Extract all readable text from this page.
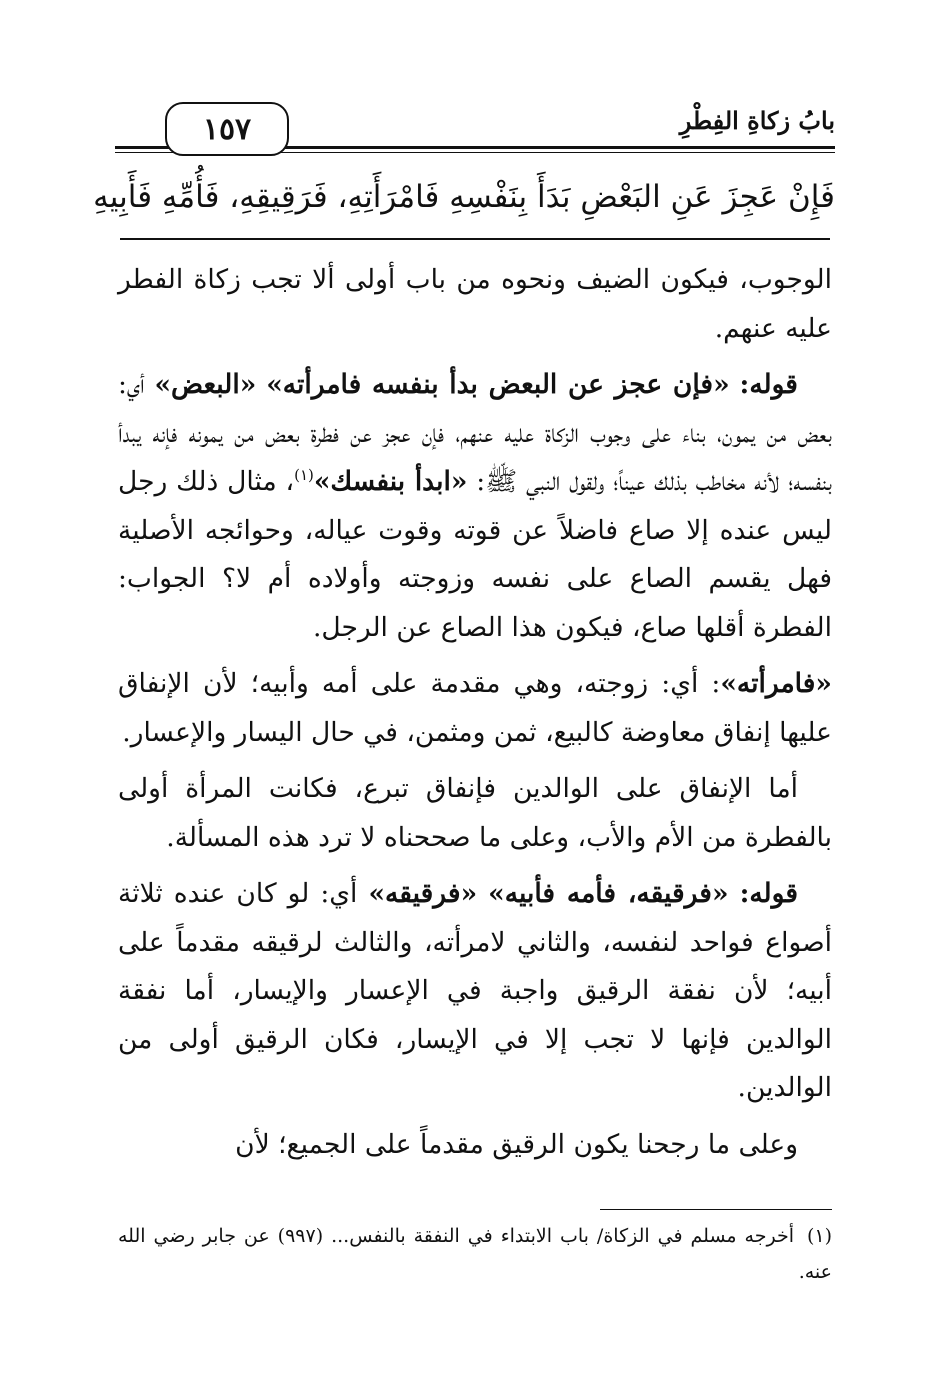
بابُ زكاةِ الفِطْرِ
١٥٧
فَإِنْ عَجِزَ عَنِ البَعْضِ بَدَأَ بِنَفْسِهِ فَامْرَأَتِهِ، فَرَقِيقِهِ، فَأُمِّهِ فَأَبِيهِ

الوجوب، فيكون الضيف ونحوه من باب أولى ألا تجب زكاة الفطر عليه عنهم.

قوله: «فإن عجز عن البعض بدأ بنفسه فامرأته» «البعض» أي: بعض من يمون، بناء على وجوب الزكاة عليه عنهم، فإن عجز عن فطرة بعض من يمونه فإنه يبدأ بنفسه؛ لأنه مخاطب بذلك عيناً؛ ولقول النبي ﷺ: «ابدأ بنفسك»$^{(١)}$، مثال ذلك رجل ليس عنده إلا صاع فاضلاً عن قوته وقوت عياله، وحوائجه الأصلية فهل يقسم الصاع على نفسه وزوجته وأولاده أم لا؟ الجواب: الفطرة أقلها صاع، فيكون هذا الصاع عن الرجل.

«فامرأته»: أي: زوجته، وهي مقدمة على أمه وأبيه؛ لأن الإنفاق عليها إنفاق معاوضة كالبيع، ثمن ومثمن، في حال اليسار والإعسار.

أما الإنفاق على الوالدين فإنفاق تبرع، فكانت المرأة أولى بالفطرة من الأم والأب، وعلى ما صححناه لا ترد هذه المسألة.

قوله: «فرقيقه، فأمه فأبيه» «فرقيقه» أي: لو كان عنده ثلاثة أصواع فواحد لنفسه، والثاني لامرأته، والثالث لرقيقه مقدماً على أبيه؛ لأن نفقة الرقيق واجبة في الإعسار والإيسار، أما نفقة الوالدين فإنها لا تجب إلا في الإيسار، فكان الرقيق أولى من الوالدين.

وعلى ما رجحنا يكون الرقيق مقدماً على الجميع؛ لأن

(١)أخرجه مسلم في الزكاة/ باب الابتداء في النفقة بالنفس... (٩٩٧) عن جابر رضي الله عنه.
